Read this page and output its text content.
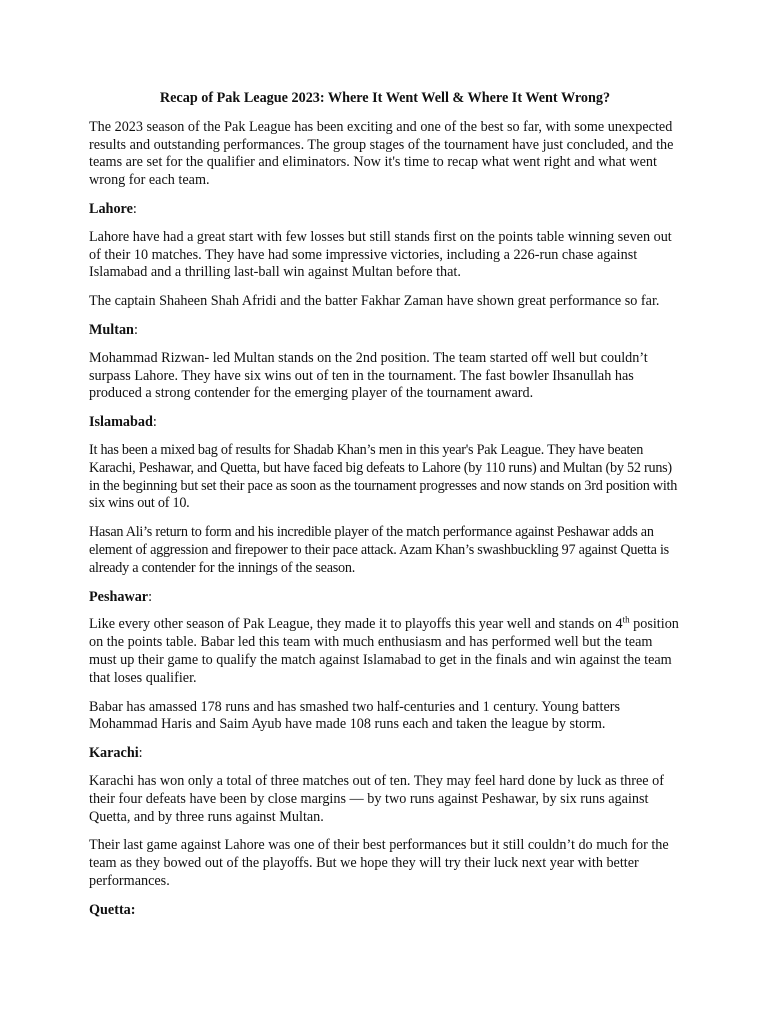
Recap of Pak League 2023: Where It Went Well & Where It Went Wrong?

The 2023 season of the Pak League has been exciting and one of the best so far, with some unexpected results and outstanding performances. The group stages of the tournament have just concluded, and the teams are set for the qualifier and eliminators. Now it's time to recap what went right and what went wrong for each team.

Lahore:

Lahore have had a great start with few losses but still stands first on the points table winning seven out of their 10 matches. They have had some impressive victories, including a 226-run chase against Islamabad and a thrilling last-ball win against Multan before that.

The captain Shaheen Shah Afridi and the batter Fakhar Zaman have shown great performance so far.

Multan:

Mohammad Rizwan- led Multan stands on the 2nd position. The team started off well but couldn’t surpass Lahore. They have six wins out of ten in the tournament. The fast bowler Ihsanullah has produced a strong contender for the emerging player of the tournament award.

Islamabad:

It has been a mixed bag of results for Shadab Khan’s men in this year's Pak League. They have beaten Karachi, Peshawar, and Quetta, but have faced big defeats to Lahore (by 110 runs) and Multan (by 52 runs) in the beginning but set their pace as soon as the tournament progresses and now stands on 3rd position with six wins out of 10.

Hasan Ali’s return to form and his incredible player of the match performance against Peshawar adds an element of aggression and firepower to their pace attack. Azam Khan’s swashbuckling 97 against Quetta is already a contender for the innings of the season.

Peshawar:

Like every other season of Pak League, they made it to playoffs this year well and stands on 4th position on the points table. Babar led this team with much enthusiasm and has performed well but the team must up their game to qualify the match against Islamabad to get in the finals and win against the team that loses qualifier.

Babar has amassed 178 runs and has smashed two half-centuries and 1 century. Young batters Mohammad Haris and Saim Ayub have made 108 runs each and taken the league by storm.

Karachi:

Karachi has won only a total of three matches out of ten. They may feel hard done by luck as three of their four defeats have been by close margins — by two runs against Peshawar, by six runs against Quetta, and by three runs against Multan.

Their last game against Lahore was one of their best performances but it still couldn’t do much for the team as they bowed out of the playoffs. But we hope they will try their luck next year with better performances.

Quetta:
